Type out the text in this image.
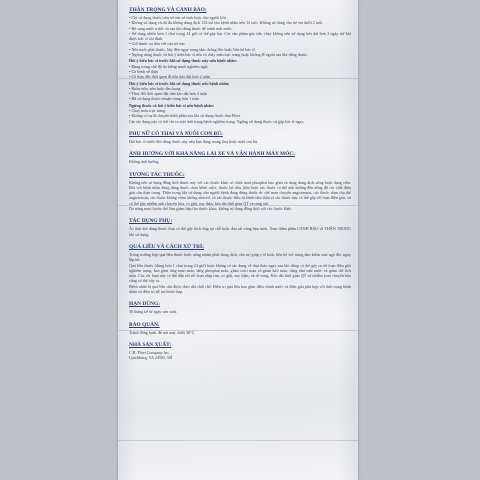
THẬN TRỌNG VÀ CẢNH BÁO:
• Chỉ sử dụng thuốc trên trẻ em sơ sinh hoặc cho người lớn.
• Không sử dụng và tối đa không dùng dịch 133 ml cho bệnh nhân trên 12 tuổi. Không sử dụng cho trẻ em dưới 2 tuổi.
• Bổ sung nước trước và sau khi dùng thuốc để tránh mất nước.
• Sử dụng nhiều hơn 1 chai trong 24 giờ có thể gây hại. Các sản phẩm gây tiêu chảy không nên sử dụng kéo dài hơn 3 ngày trừ khi được bác sĩ chỉ định.
• Giữ thuốc xa tầm với của trẻ em.
• Nếu nuốt phải thuốc, hãy đến ngay trung tâm chống độc hoặc liên hệ bác sĩ.
• Ngừng dùng thuốc và hỏi ý kiến bác sĩ nếu có chảy máu trực tràng hoặc không đi ngoài sau khi dùng thuốc.
Hỏi ý kiến bác sĩ trước khi sử dụng thuốc này nếu bệnh nhân:
• Đang trong chế độ ăn kiêng muối nghiêm ngặt
• Có bệnh về thận
• Có thay đổi thói quen đi tiêu kéo dài hơn 2 tuần
Hỏi ý kiến bác sĩ trước khi sử dụng thuốc nếu bệnh nhân:
• Buồn nôn, nôn hoặc đau bụng
• Thay đổi thói quen đại tiện kéo dài hơn 2 tuần
• Đã sử dụng thuốc nhuận tràng hơn 1 tuần
Ngừng thuốc và hỏi ý kiến bác sĩ nếu bệnh nhân:
• Chảy máu trực tràng
• Không có sự đi chuyển khối phân sau khi sử dụng thuốc thụt Fleet
Các tác dụng này có thể chỉ ra một tình trạng bệnh nghiêm trọng. Ngừng sử dụng thuốc và gặp bác sĩ ngay.
PHỤ NỮ CÓ THAI VÀ NUÔI CON BÚ:
Hỏi bác sĩ trước khi dùng thuốc này nếu bạn đang mang thai hoặc nuôi con bú.
ẢNH HƯỞNG VỚI KHẢ NĂNG LÁI XE VÀ VẬN HÀNH MÁY MÓC:
Không ảnh hưởng
TƯƠNG TÁC THUỐC:
Không nên sử dụng đồng thời thuốc này với các thuốc khác có chứa natri phosphat bao gồm cả dạng dung dịch uống hoặc dạng viên. Đối với bệnh nhân đang dùng thuốc chẹn kênh calci, thuốc lợi tiểu, lithi hoặc các thuốc có thể ảnh hưởng đến nồng độ các chất điện giải cần thận trọng. Thận trọng khi sử dụng cho người bệnh đang dùng thuốc ức chế men chuyển angiotensin, các thuốc chẹn thụ thể angiotensin, các thuốc kháng viêm không steroid, và các thuốc điều trị bệnh tâm thần vì các thuốc này có thể gây rối loạn điện giải, và có thể gây nhiễm anh chuyển hóa, co giật, suy thận, kéo dài thời gian QT và rung nhĩ.
Do năng natri hydro thể làm giảm hấp thu thuốc khác, không sử dụng đồng thời với các thuốc khác.
TÁC DỤNG PHỤ:
Ác tính khi dùng thuốc thụt có thể gây kích ứng tại chỗ hoặc đau rát vùng hậu môn. Xem thêm phần CẢNH BÁO và THẬN TRỌNG khi sử dụng.
QUÁ LIỀU VÀ CÁCH XỬ TRÍ:
Trong trường hợp quá liều thuốc hoặc uống nhầm phải dung dịch, cần trợ giúp y tế hoặc liên hệ với trung tâm kiểm soát ngộ độc ngay lập tức.
Quá liều thuốc (dùng hơn 1 chai trong 24 giờ) hoặc không có tác dụng về thụt tháo ngay sau khi dùng có thể gây ra rối loạn điện giải nghiêm trọng, bao gồm tăng natri máu, tăng phosphat máu, giảm calci máu và giảm kali máu, cũng như mất nước và giảm thể tích máu. Các rối loạn này có thể dẫn tới rối loạn nhịp tim, co giật, suy thận, và tử vong. Kéo dài thời gian QT và nhiễm toan chuyển hóa cũng có thể xảy ra.
Bệnh nhân bị quá liều cần được theo dõi chặt chẽ. Điều trị quá liều bao gồm điều chỉnh nước và điện giải phù hợp với tình trạng bệnh nhân và điều trị hỗ trợ thích hợp.
HẠN DÙNG:
36 tháng kể từ ngày sản xuất.
BẢO QUẢN:
Tránh đông lạnh, để nơi mát, dưới 30°C.
NHÀ SẢN XUẤT:
C.B. Fleet Company Inc.
Lynchburg, VA 24502, MĨ
